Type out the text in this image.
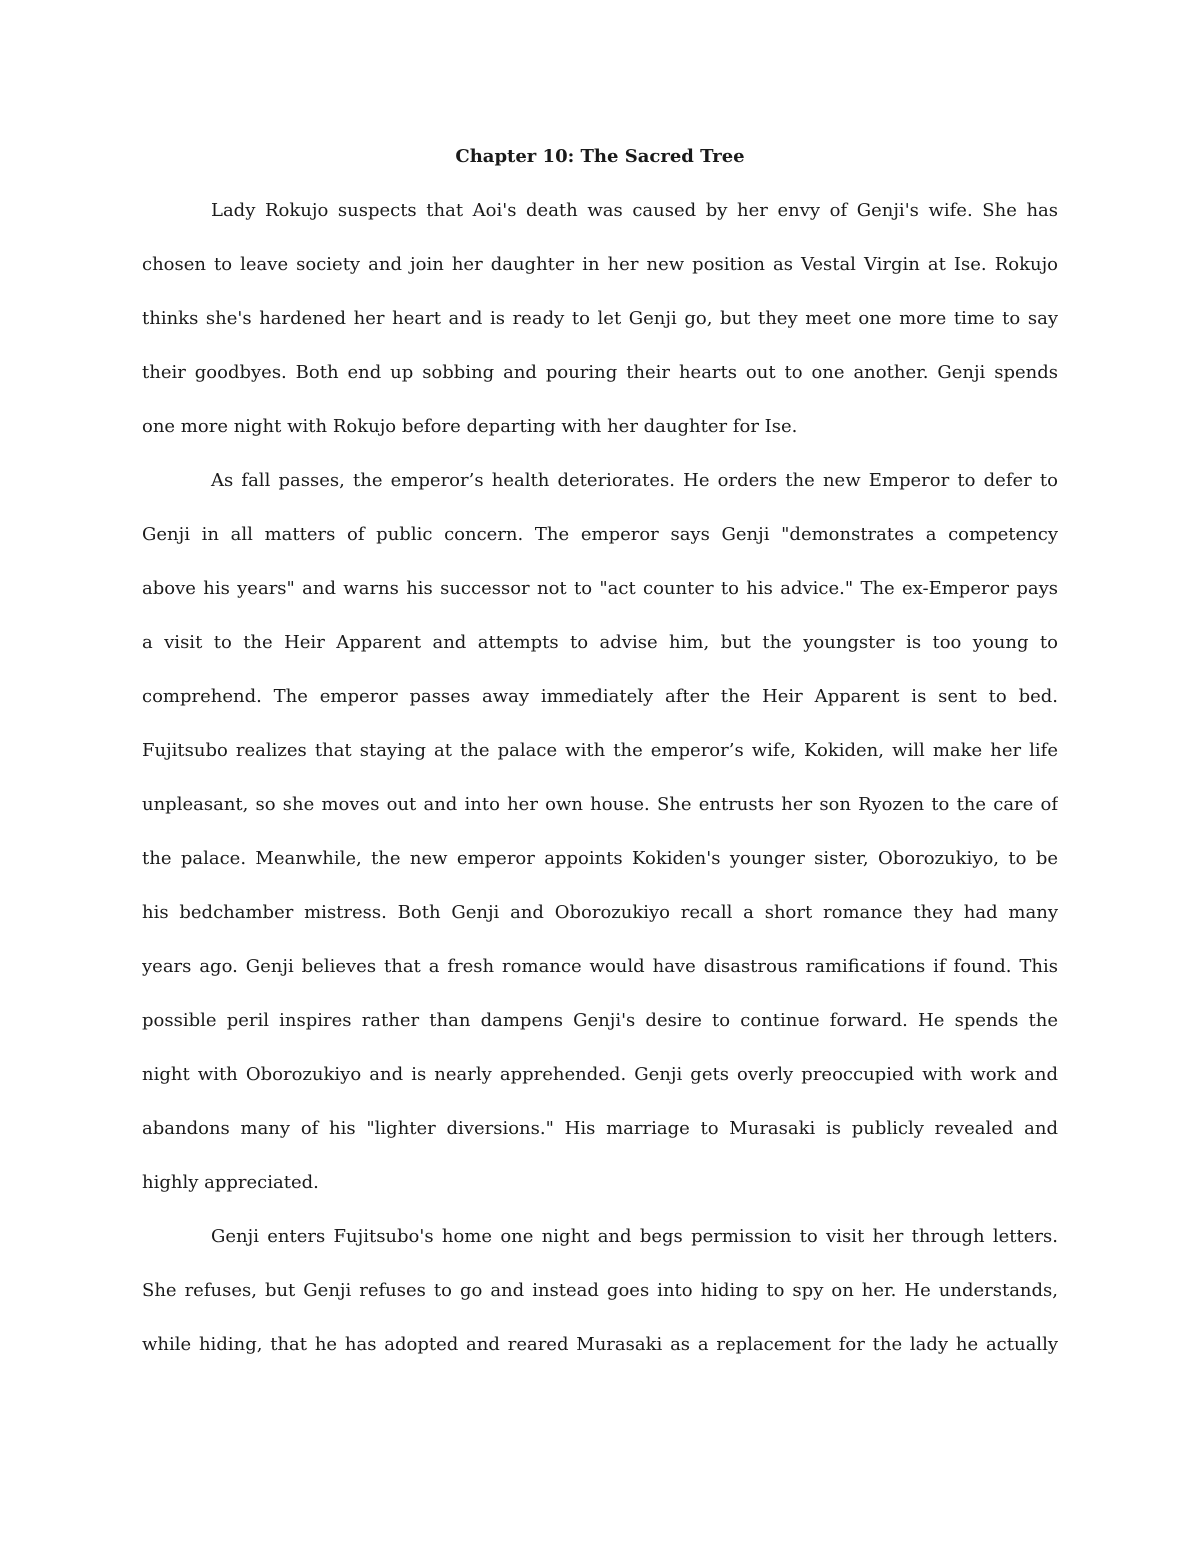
Chapter 10: The Sacred Tree
Lady Rokujo suspects that Aoi's death was caused by her envy of Genji's wife. She has
chosen to leave society and join her daughter in her new position as Vestal Virgin at Ise. Rokujo
thinks she's hardened her heart and is ready to let Genji go, but they meet one more time to say
their goodbyes. Both end up sobbing and pouring their hearts out to one another. Genji spends
one more night with Rokujo before departing with her daughter for Ise.
As fall passes, the emperor’s health deteriorates. He orders the new Emperor to defer to
Genji in all matters of public concern. The emperor says Genji "demonstrates a competency
above his years" and warns his successor not to "act counter to his advice." The ex-Emperor pays
a visit to the Heir Apparent and attempts to advise him, but the youngster is too young to
comprehend. The emperor passes away immediately after the Heir Apparent is sent to bed.
Fujitsubo realizes that staying at the palace with the emperor’s wife, Kokiden, will make her life
unpleasant, so she moves out and into her own house. She entrusts her son Ryozen to the care of
the palace. Meanwhile, the new emperor appoints Kokiden's younger sister, Oborozukiyo, to be
his bedchamber mistress. Both Genji and Oborozukiyo recall a short romance they had many
years ago. Genji believes that a fresh romance would have disastrous ramifications if found. This
possible peril inspires rather than dampens Genji's desire to continue forward. He spends the
night with Oborozukiyo and is nearly apprehended. Genji gets overly preoccupied with work and
abandons many of his "lighter diversions." His marriage to Murasaki is publicly revealed and
highly appreciated.
Genji enters Fujitsubo's home one night and begs permission to visit her through letters.
She refuses, but Genji refuses to go and instead goes into hiding to spy on her. He understands,
while hiding, that he has adopted and reared Murasaki as a replacement for the lady he actually
